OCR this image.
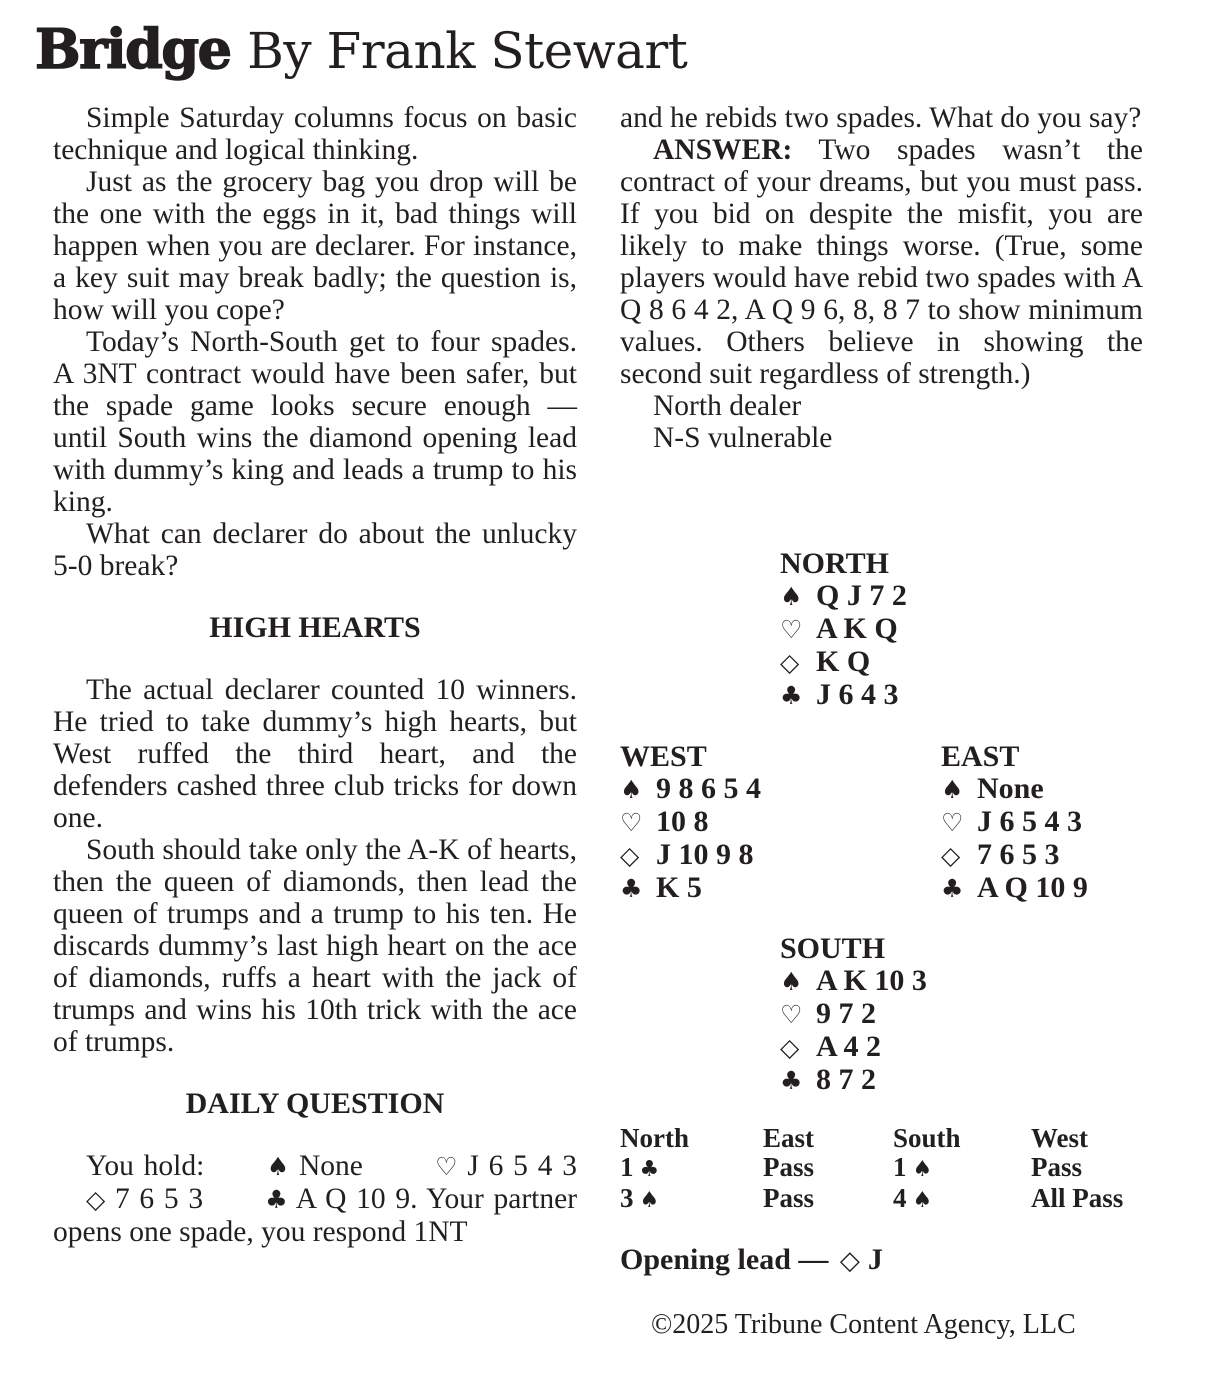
Bridge By Frank Stewart

Simple Saturday columns focus on basic technique and logical thinking.

Just as the grocery bag you drop will be the one with the eggs in it, bad things will happen when you are declarer. For instance, a key suit may break badly; the question is, how will you cope?

Today’s North-South get to four spades. A 3NT contract would have been safer, but the spade game looks secure enough — until South wins the diamond opening lead with dummy’s king and leads a trump to his king.

What can declarer do about the unlucky 5-0 break?

HIGH HEARTS

The actual declarer counted 10 winners. He tried to take dummy’s high hearts, but West ruffed the third heart, and the defenders cashed three club tricks for down one.

South should take only the A-K of hearts, then the queen of diamonds, then lead the queen of trumps and a trump to his ten. He discards dummy’s last high heart on the ace of diamonds, ruffs a heart with the jack of trumps and wins his 10th trick with the ace of trumps.

DAILY QUESTION

You hold: ♠ None	♡ J 6 5 4 3 ◇ 7 6 5 3 ♣ A Q 10 9. Your partner opens one spade, you respond 1NT

and he rebids two spades. What do you say?

ANSWER: Two spades wasn’t the contract of your dreams, but you must pass. If you bid on despite the misfit, you are likely to make things worse. (True, some players would have rebid two spades with A Q 8 6 4 2, A Q 9 6, 8, 8 7 to show minimum values. Others believe in showing the second suit regardless of strength.)

North dealer

N-S vulnerable

NORTH
♠ Q J 7 2
♡ A K Q
◇ K Q
♣ J 6 4 3
WEST
♠ 9 8 6 5 4
♡ 10 8
◇ J 10 9 8
♣ K 5
EAST
♠ None
♡ J 6 5 4 3
◇ 7 6 5 3
♣ A Q 10 9
SOUTH
♠ A K 10 3
♡ 9 7 2
◇ A 4 2
♣ 8 7 2
North	East	South	West
1 ♣	Pass	1 ♠	Pass
3 ♠	Pass	4 ♠	All Pass
Opening lead — ◇ J
©2025 Tribune Content Agency, LLC
